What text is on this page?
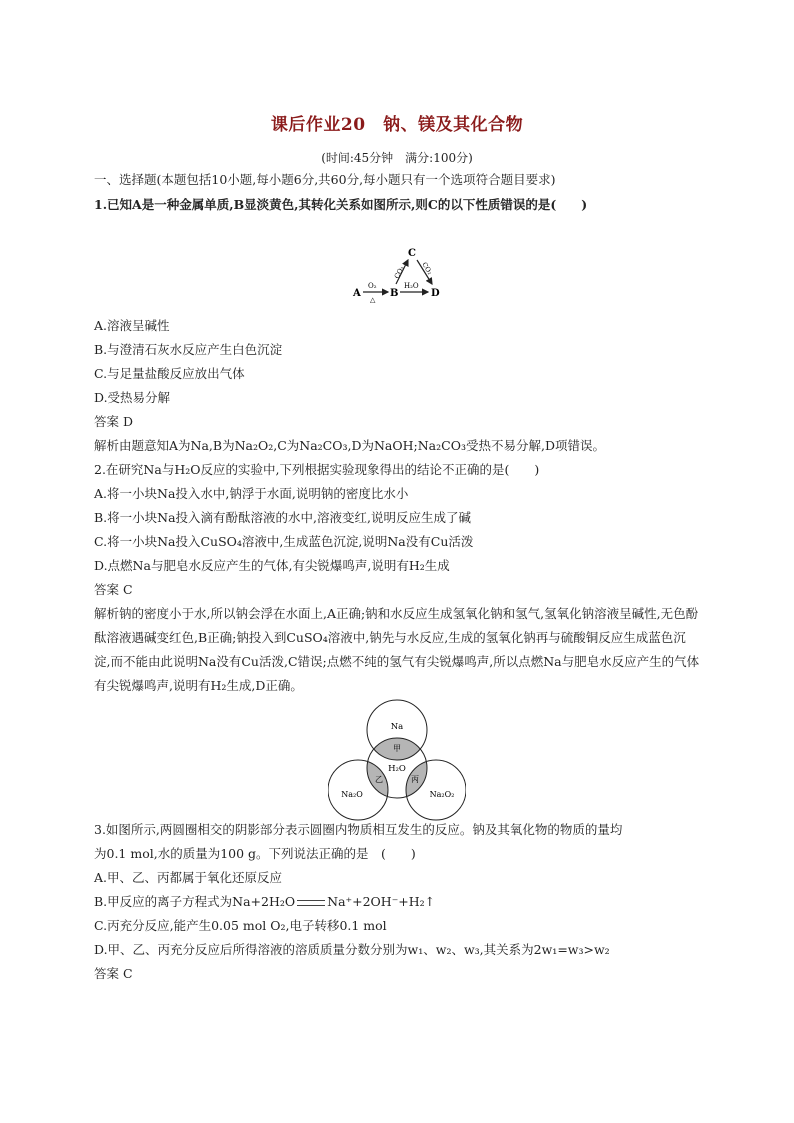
课后作业20　钠、镁及其化合物
(时间:45分钟　满分:100分)
一、选择题(本题包括10小题,每小题6分,共60分,每小题只有一个选项符合题目要求)
1.已知A是一种金属单质,B显淡黄色,其转化关系如图所示,则C的以下性质错误的是(　　)
A
O₂
△
B
H₂O
D
C
CO₂ CO₂
A.溶液呈碱性
B.与澄清石灰水反应产生白色沉淀
C.与足量盐酸反应放出气体
D.受热易分解
答案 D
解析由题意知A为Na,B为Na₂O₂,C为Na₂CO₃,D为NaOH;Na₂CO₃受热不易分解,D项错误。
2.在研究Na与H₂O反应的实验中,下列根据实验现象得出的结论不正确的是(　　)
A.将一小块Na投入水中,钠浮于水面,说明钠的密度比水小
B.将一小块Na投入滴有酚酞溶液的水中,溶液变红,说明反应生成了碱
C.将一小块Na投入CuSO₄溶液中,生成蓝色沉淀,说明Na没有Cu活泼
D.点燃Na与肥皂水反应产生的气体,有尖锐爆鸣声,说明有H₂生成
答案 C
解析钠的密度小于水,所以钠会浮在水面上,A正确;钠和水反应生成氢氧化钠和氢气,氢氧化钠溶液呈碱性,无色酚酞溶液遇碱变红色,B正确;钠投入到CuSO₄溶液中,钠先与水反应,生成的氢氧化钠再与硫酸铜反应生成蓝色沉淀,而不能由此说明Na没有Cu活泼,C错误;点燃不纯的氢气有尖锐爆鸣声,所以点燃Na与肥皂水反应产生的气体有尖锐爆鸣声,说明有H₂生成,D正确。
Na
Na₂O	Na₂O₂
H₂O
甲
乙	丙
3.如图所示,两圆圈相交的阴影部分表示圆圈内物质相互发生的反应。钠及其氧化物的物质的量均
为0.1 mol,水的质量为100 g。下列说法正确的是　(　　)
A.甲、乙、丙都属于氧化还原反应
B.甲反应的离子方程式为Na+2H₂O	Na⁺+2OH⁻+H₂↑
C.丙充分反应,能产生0.05 mol O₂,电子转移0.1 mol
D.甲、乙、丙充分反应后所得溶液的溶质质量分数分别为w₁、w₂、w₃,其关系为2w₁=w₃>w₂
答案 C
